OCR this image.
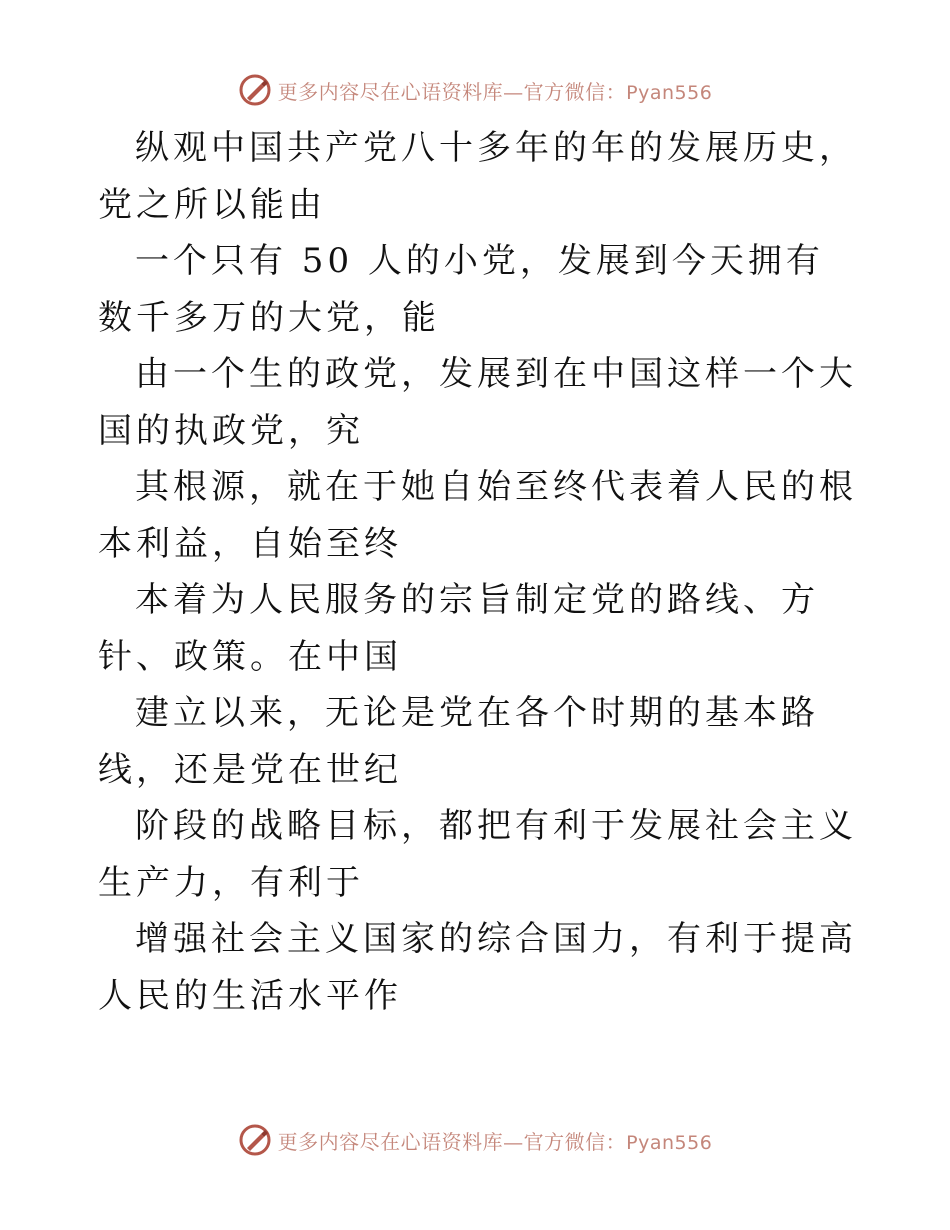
更多内容尽在心语资料库—官方微信：Pyan556

纵观中国共产党八十多年的年的发展历史，党之所以能由

一个只有 50 人的小党，发展到今天拥有数千多万的大党，能

由一个生的政党，发展到在中国这样一个大国的执政党，究

其根源，就在于她自始至终代表着人民的根本利益，自始至终

本着为人民服务的宗旨制定党的路线、方针、政策。在中国

建立以来，无论是党在各个时期的基本路线，还是党在世纪

阶段的战略目标，都把有利于发展社会主义生产力，有利于

增强社会主义国家的综合国力，有利于提高人民的生活水平作

更多内容尽在心语资料库—官方微信：Pyan556
